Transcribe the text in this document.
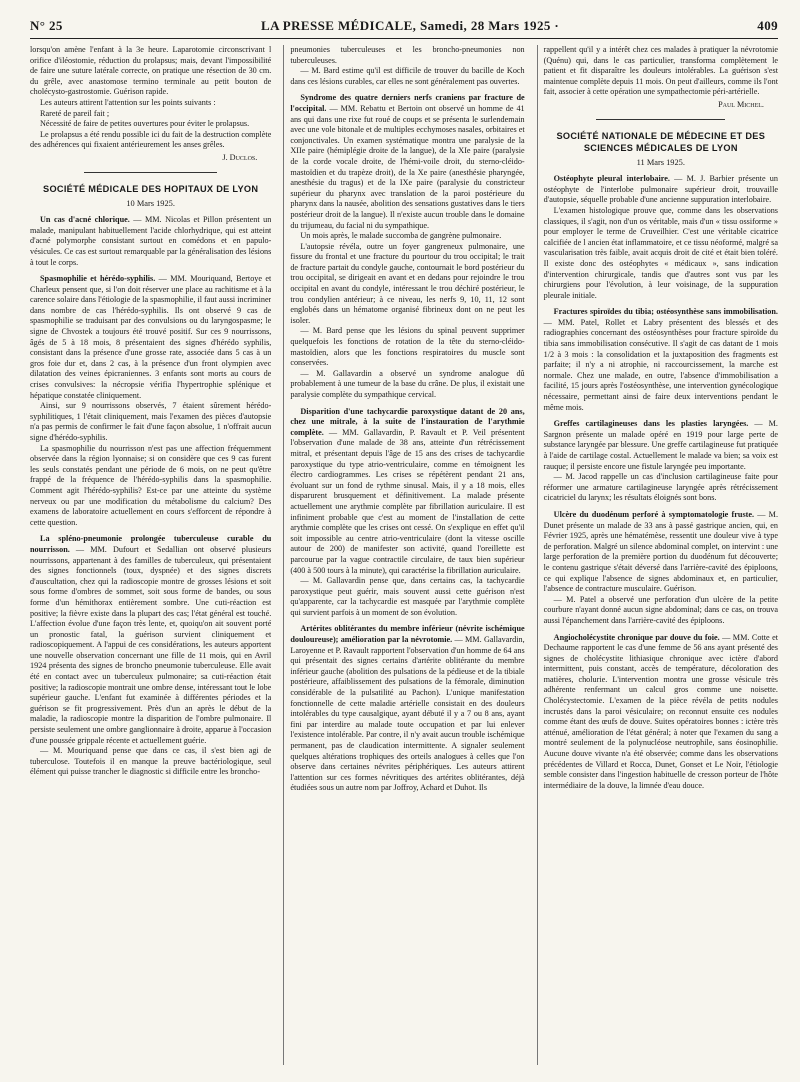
N° 25	LA PRESSE MÉDICALE, Samedi, 28 Mars 1925 ·	409

lorsqu'on amène l'enfant à la 3e heure. Laparotomie circonscrivant l orifice d'iléostomie, réduction du prolapsus; mais, devant l'impossibilité de faire une suture latérale correcte, on pratique une résection de 30 cm. du grêle, avec anastomose termino terminale au petit bouton de cholécysto-gastrostomie. Guérison rapide.

Les auteurs attirent l'attention sur les points suivants :

Rareté de pareil fait ;

Nécessité de faire de petites ouvertures pour éviter le prolapsus.

Le prolapsus a été rendu possible ici du fait de la destruction complète des adhérences qui fixaient antérieurement les anses grêles.

J. Duclos.

SOCIÉTÉ MÉDICALE DES HOPITAUX DE LYON

10 Mars 1925.

Un cas d'acné chlorique. — MM. Nicolas et Pillon présentent un malade, manipulant habituellement l'acide chlorhydrique, qui est atteint d'acné polymorphe consistant surtout en comédons et en papulo-vésicules. Ce cas est surtout remarquable par la généralisation des lésions à tout le corps.

Spasmophilie et hérédo-syphilis. — MM. Mouriquand, Bertoye et Charleux pensent que, si l'on doit réserver une place au rachitisme et à la carence solaire dans l'étiologie de la spasmophilie, il faut aussi incriminer dans nombre de cas l'hérédo-syphilis. Ils ont observé 9 cas de spasmophilie se traduisant par des convulsions ou du laryngospasme; le signe de Chvostek a toujours été trouvé positif. Sur ces 9 nourrissons, âgés de 5 à 18 mois, 8 présentaient des signes d'hérédo syphilis, consistant dans la présence d'une grosse rate, associée dans 5 cas à un gros foie dur et, dans 2 cas, à la présence d'un front olympien avec dilatation des veines épicraniennes. 3 enfants sont morts au cours de crises convulsives: la nécropsie vérifia l'hypertrophie splénique et hépatique constatée cliniquement.

Ainsi, sur 9 nourrissons observés, 7 étaient sûrement hérédo-syphilitiques, 1 l'était cliniquement, mais l'examen des pièces d'autopsie n'a pas permis de confirmer le fait d'une façon absolue, 1 n'offrait aucun signe d'hérédo-syphilis.

La spasmophilie du nourrisson n'est pas une affection fréquemment observée dans la région lyonnaise; si on considère que ces 9 cas furent les seuls constatés pendant une période de 6 mois, on ne peut qu'être frappé de la fréquence de l'hérédo-syphilis dans la spasmophilie. Comment agit l'hérédo-syphilis? Est-ce par une atteinte du système nerveux ou par une modification du métabolisme du calcium? Des examens de laboratoire actuellement en cours s'efforcent de répondre à cette question.

La spléno-pneumonie prolongée tuberculeuse curable du nourrisson. — MM. Dufourt et Sedallian ont observé plusieurs nourrissons, appartenant à des familles de tuberculeux, qui présentaient des signes fonctionnels (toux, dyspnée) et des signes discrets d'auscultation, chez qui la radioscopie montre de grosses lésions et soit sous forme d'ombres de sommet, soit sous forme de bandes, ou sous forme d'un hémithorax entièrement sombre. Une cuti-réaction est positive; la fièvre existe dans la plupart des cas; l'état général est touché. L'affection évolue d'une façon très lente, et, quoiqu'on ait souvent porté un pronostic fatal, la guérison survient cliniquement et radioscopiquement. A l'appui de ces considérations, les auteurs apportent une nouvelle observation concernant une fille de 11 mois, qui en Avril 1924 présenta des signes de broncho pneumonie tuberculeuse. Elle avait été en contact avec un tuberculeux pulmonaire; sa cuti-réaction était positive; la radioscopie montrait une ombre dense, intéressant tout le lobe supérieur gauche. L'enfant fut examinée à différentes périodes et la guérison se fit progressivement. Près d'un an après le début de la maladie, la radioscopie montre la disparition de l'ombre pulmonaire. Il persiste seulement une ombre ganglionnaire à droite, apparue à l'occasion d'une poussée grippale récente et actuellement guérie.

— M. Mouriquand pense que dans ce cas, il s'est bien agi de tuberculose. Toutefois il en manque la preuve bactériologique, seul élément qui puisse trancher le diagnostic si difficile entre les broncho-

pneumonies tuberculeuses et les broncho-pneumonies non tuberculeuses.

— M. Bard estime qu'il est difficile de trouver du bacille de Koch dans ces lésions curables, car elles ne sont généralement pas ouvertes.

Syndrome des quatre derniers nerfs craniens par fracture de l'occipital. — MM. Rebattu et Bertoin ont observé un homme de 41 ans qui dans une rixe fut roué de coups et se présenta le surlendemain avec une vole bitonale et de multiples ecchymoses nasales, orbitaires et conjonctivales. Un examen systématique montra une paralysie de la XIIe paire (hémiplégie droite de la langue), de la XIe paire (paralysie de la corde vocale droite, de l'hémi-voile droit, du sterno-cléido-mastoïdien et du trapèze droit), de la Xe paire (anesthésie pharyngée, anesthésie du tragus) et de la IXe paire (paralysie du constricteur supérieur du pharynx avec translation de la paroi postérieure du pharynx dans la nausée, abolition des sensations gustatives dans le tiers postérieur droit de la langue). Il n'existe aucun trouble dans le domaine du trijumeau, du facial ni du sympathique.

Un mois après, le malade succomba de gangrène pulmonaire.

L'autopsie révéla, outre un foyer gangreneux pulmonaire, une fissure du frontal et une fracture du pourtour du trou occipital; le trait de fracture partait du condyle gauche, contournait le bord postérieur du trou occipital, se dirigeait en avant et en dedans pour rejoindre le trou occipital en avant du condyle, intéressant le trou déchiré postérieur, le trou condylien antérieur; à ce niveau, les nerfs 9, 10, 11, 12 sont englobés dans un hématome organisé fibrineux dont on ne peut les isoler.

— M. Bard pense que les lésions du spinal peuvent supprimer quelquefois les fonctions de rotation de la tête du sterno-cléido-mastoïdien, alors que les fonctions respiratoires du muscle sont conservées.

— M. Gallavardin a observé un syndrome analogue dû probablement à une tumeur de la base du crâne. De plus, il existait une paralysie complète du sympathique cervical.

Disparition d'une tachycardie paroxystique datant de 20 ans, chez une mitrale, à la suite de l'instauration de l'arythmie complète. — MM. Gallavardin, P. Ravault et P. Veil présentent l'observation d'une malade de 38 ans, atteinte d'un rétrécissement mitral, et présentant depuis l'âge de 15 ans des crises de tachycardie paroxystique du type atrio-ventriculaire, comme en témoignent les électro cardiogrammes. Les crises se répétèrent pendant 21 ans, évoluant sur un fond de rythme sinusal. Mais, il y a 18 mois, elles disparurent brusquement et définitivement. La malade présente actuellement une arythmie complète par fibrillation auriculaire. Il est infiniment probable que c'est au moment de l'installation de cette arythmie complète que les crises ont cessé. On s'explique en effet qu'il soit impossible au centre atrio-ventriculaire (dont la vitesse oscille autour de 200) de manifester son activité, quand l'oreillette est parcourue par la vague contractile circulaire, de taux bien supérieur (400 à 500 tours à la minute), qui caractérise la fibrillation auriculaire.

— M. Gallavardin pense que, dans certains cas, la tachycardie paroxystique peut guérir, mais souvent aussi cette guérison n'est qu'apparente, car la tachycardie est masquée par l'arythmie complète qui survient parfois à un moment de son évolution.

Artérites oblitérantes du membre inférieur (névrite ischémique douloureuse); amélioration par la névrotomie. — MM. Gallavardin, Laroyenne et P. Ravault rapportent l'observation d'un homme de 64 ans qui présentait des signes certains d'artérite oblitérante du membre inférieur gauche (abolition des pulsations de la pédieuse et de la tibiale postérieure, affaiblissement des pulsations de la fémorale, diminution considérable de la pulsatilité au Pachon). L'unique manifestation fonctionnelle de cette maladie artérielle consistait en des douleurs intolérables du type causalgique, ayant débuté il y a 7 ou 8 ans, ayant fini par interdire au malade toute occupation et par lui enlever l'existence intolérable. Par contre, il n'y avait aucun trouble ischémique permanent, pas de claudication intermittente. A signaler seulement quelques altérations trophiques des orteils analogues à celles que l'on observe dans certaines névrites périphériques. Les auteurs attirent l'attention sur ces formes névritiques des artérites oblitérantes, déjà étudiées sous un autre nom par Joffroy, Achard et Duhot. Ils

rappellent qu'il y a intérêt chez ces malades à pratiquer la névrotomie (Quénu) qui, dans le cas particulier, transforma complètement le patient et fit disparaître les douleurs intolérables. La guérison s'est maintenue complète depuis 11 mois. On peut d'ailleurs, comme ils l'ont fait, associer à cette opération une sympathectomie péri-artérielle.

Paul Michel.

SOCIÉTÉ NATIONALE DE MÉDECINE ET DES SCIENCES MÉDICALES DE LYON

11 Mars 1925.

Ostéophyte pleural interlobaire. — M. J. Barbier présente un ostéophyte de l'interlobe pulmonaire supérieur droit, trouvaille d'autopsie, séquelle probable d'une ancienne suppuration interlobaire.

L'examen histologique prouve que, comme dans les observations classiques, il s'agit, non d'un os véritable, mais d'un « tissu ossiforme » pour employer le terme de Cruveilhier. C'est une véritable cicatrice calcifiée de l ancien état inflammatoire, et ce tissu néoformé, malgré sa vascularisation très faible, avait acquis droit de cité et était bien toléré. Il existe donc des ostéophytes « médicaux », sans indication d'intervention chirurgicale, tandis que d'autres sont vus par les chirurgiens pour l'évolution, à leur voisinage, de la suppuration pleurale initiale.

Fractures spiroïdes du tibia; ostéosynthèse sans immobilisation. — MM. Patel, Rollet et Labry présentent des blessés et des radiographies concernant des ostéosynthèses pour fracture spiroïde du tibia sans immobilisation consécutive. Il s'agit de cas datant de 1 mois 1/2 à 3 mois : la consolidation et la juxtaposition des fragments est parfaite; il n'y a ni atrophie, ni raccourcissement, la marche est normale. Chez une malade, en outre, l'absence d'immobilisation a facilité, 15 jours après l'ostéosynthèse, une intervention gynécologique nécessaire, permettant ainsi de faire deux interventions pendant le même mois.

Greffes cartilagineuses dans les plasties laryngées. — M. Sargnon présente un malade opéré en 1919 pour large perte de substance laryngée par blessure. Une greffe cartilagineuse fut pratiquée à l'aide de cartilage costal. Actuellement le malade va bien; sa voix est rauque; il persiste encore une fistule laryngée peu importante.

— M. Jacod rappelle un cas d'inclusion cartilagineuse faite pour réformer une armature cartilagineuse laryngée après rétrécissement cicatriciel du larynx; les résultats éloignés sont bons.

Ulcère du duodénum perforé à symptomatologie fruste. — M. Dunet présente un malade de 33 ans à passé gastrique ancien, qui, en Février 1925, après une hématémèse, ressentit une douleur vive à type de perforation. Malgré un silence abdominal complet, on intervint : une large perforation de la première portion du duodénum fut découverte; le contenu gastrique s'était déversé dans l'arrière-cavité des épiploons, ce qui explique l'absence de signes abdominaux et, en particulier, l'absence de contracture musculaire. Guérison.

— M. Patel a observé une perforation d'un ulcère de la petite courbure n'ayant donné aucun signe abdominal; dans ce cas, on trouva aussi l'épanchement dans l'arrière-cavité des épiploons.

Angiocholécystite chronique par douve du foie. — MM. Cotte et Dechaume rapportent le cas d'une femme de 56 ans ayant présenté des signes de cholécystite lithiasique chronique avec ictère d'abord intermittent, puis constant, accès de température, décoloration des matières, cholurie. L'intervention montra une grosse vésicule très adhérente renfermant un calcul gros comme une noisette. Cholécystectomie. L'examen de la pièce révéla de petits nodules incrustés dans la paroi vésiculaire; on reconnut ensuite ces nodules comme étant des œufs de douve. Suites opératoires bonnes : ictère très atténué, amélioration de l'état général; à noter que l'examen du sang a montré seulement de la polynucléose neutrophile, sans éosinophilie. Aucune douve vivante n'a été observée; comme dans les observations précédentes de Villard et Rocca, Dunet, Gonset et Le Noir, l'étiologie semble consister dans l'ingestion habituelle de cresson porteur de l'hôte intermédiaire de la douve, la limnée d'eau douce.
